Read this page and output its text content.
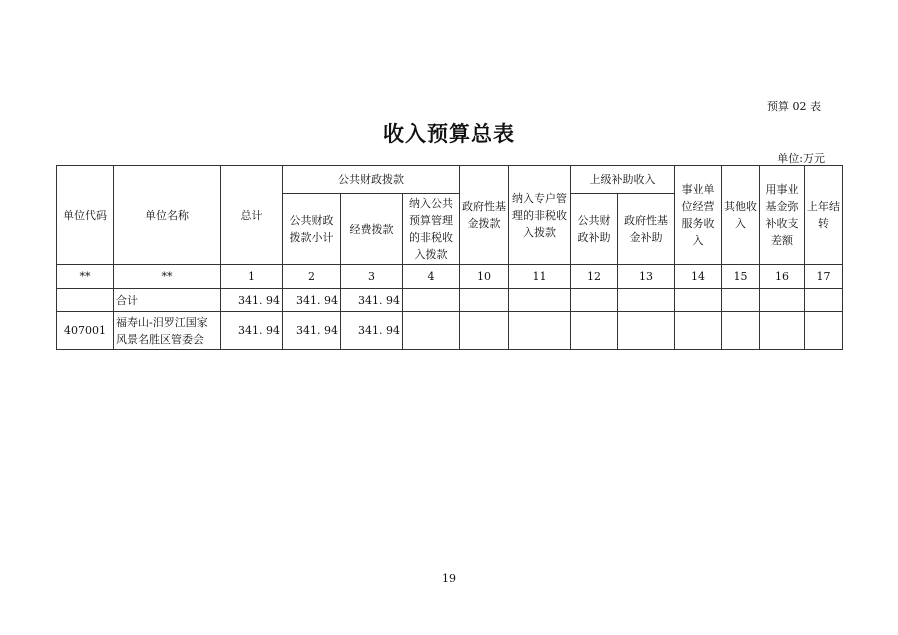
预算 02 表
收入预算总表
单位:万元
单位代码	单位名称	总计	公共财政拨款			政府性基金拨款	纳入专户管理的非税收入拨款	上级补助收入		事业单位经营服务收入	其他收入	用事业基金弥补收支差额	上年结转
			公共财政拨款小计	经费拨款	纳入公共预算管理的非税收入拨款			公共财政补助	政府性基金补助				
**	**	1	2	3	4	10	11	12	13	14	15	16	17
	合计	341. 94	341. 94	341. 94									
407001	福寿山-汨罗江国家风景名胜区管委会	341. 94	341. 94	341. 94									
19
